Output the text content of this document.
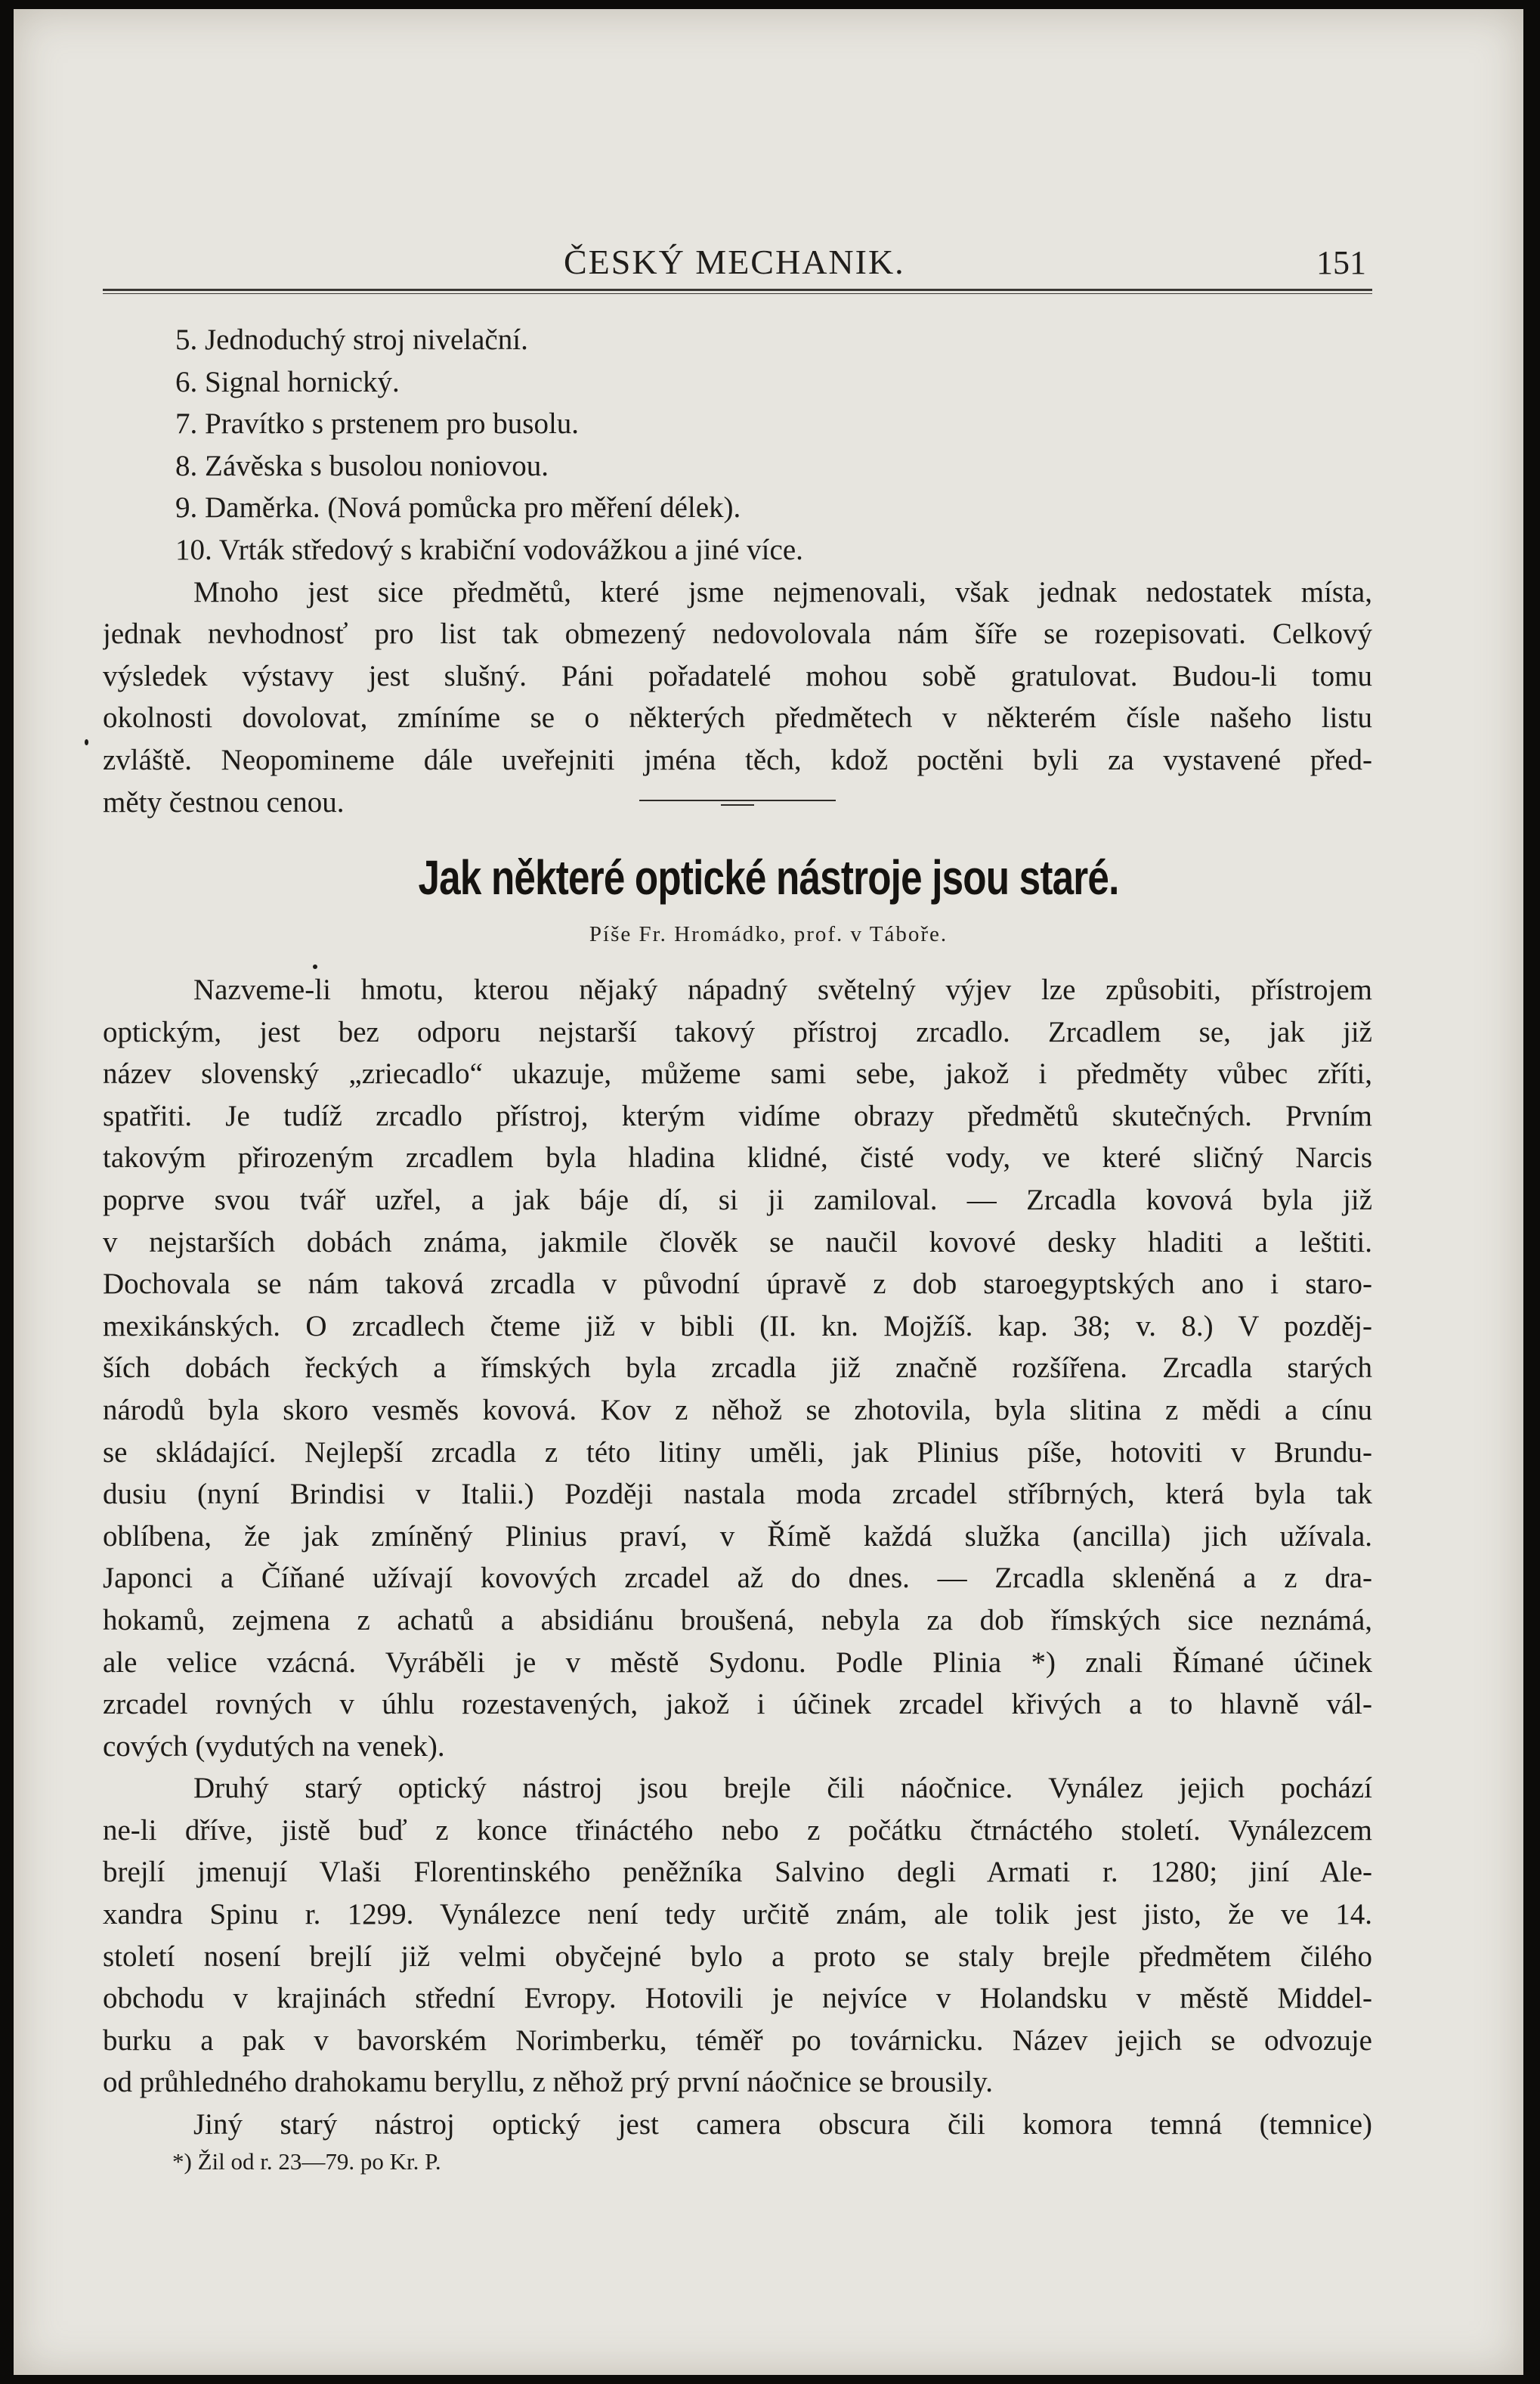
ČESKÝ MECHANIK.	151
5. Jednoduchý stroj nivelační.
6. Signal hornický.
7. Pravítko s prstenem pro busolu.
8. Závěska s busolou noniovou.
9. Daměrka. (Nová pomůcka pro měření délek).
10. Vrták středový s krabiční vodovážkou a jiné více.
Mnoho jest sice předmětů, které jsme nejmenovali, však jednak nedostatek místa,
jednak nevhodnosť pro list tak obmezený nedovolovala nám šíře se rozepisovati. Celkový
výsledek výstavy jest slušný. Páni pořadatelé mohou sobě gratulovat. Budou-li tomu
okolnosti dovolovat, zmíníme se o některých předmětech v některém čísle našeho listu
zvláště. Neopomineme dále uveřejniti jména těch, kdož poctěni byli za vystavené před-
měty čestnou cenou.
Jak některé optické nástroje jsou staré.
Píše Fr. Hromádko, prof. v Táboře.
Nazveme-li hmotu, kterou nějaký nápadný světelný výjev lze způsobiti, přístrojem
optickým, jest bez odporu nejstarší takový přístroj zrcadlo. Zrcadlem se, jak již
název slovenský „zriecadlo“ ukazuje, můžeme sami sebe, jakož i předměty vůbec zříti,
spatřiti. Je tudíž zrcadlo přístroj, kterým vidíme obrazy předmětů skutečných. Prvním
takovým přirozeným zrcadlem byla hladina klidné, čisté vody, ve které sličný Narcis
poprve svou tvář uzřel, a jak báje dí, si ji zamiloval. — Zrcadla kovová byla již
v nejstarších dobách známa, jakmile člověk se naučil kovové desky hladiti a leštiti.
Dochovala se nám taková zrcadla v původní úpravě z dob staroegyptských ano i staro-
mexikánských. O zrcadlech čteme již v bibli (II. kn. Mojžíš. kap. 38; v. 8.) V pozděj-
ších dobách řeckých a římských byla zrcadla již značně rozšířena. Zrcadla starých
národů byla skoro vesměs kovová. Kov z něhož se zhotovila, byla slitina z mědi a cínu
se skládající. Nejlepší zrcadla z této litiny uměli, jak Plinius píše, hotoviti v Brundu-
dusiu (nyní Brindisi v Italii.) Později nastala moda zrcadel stříbrných, která byla tak
oblíbena, že jak zmíněný Plinius praví, v Římě každá služka (ancilla) jich užívala.
Japonci a Číňané užívají kovových zrcadel až do dnes. — Zrcadla skleněná a z dra-
hokamů, zejmena z achatů a absidiánu broušená, nebyla za dob římských sice neznámá,
ale velice vzácná. Vyráběli je v městě Sydonu. Podle Plinia *) znali Římané účinek
zrcadel rovných v úhlu rozestavených, jakož i účinek zrcadel křivých a to hlavně vál-
cových (vydutých na venek).
Druhý starý optický nástroj jsou brejle čili náočnice. Vynález jejich pochází
ne-li dříve, jistě buď z konce třináctého nebo z počátku čtrnáctého století. Vynálezcem
brejlí jmenují Vlaši Florentinského peněžníka Salvino degli Armati r. 1280; jiní Ale-
xandra Spinu r. 1299. Vynálezce není tedy určitě znám, ale tolik jest jisto, že ve 14.
století nosení brejlí již velmi obyčejné bylo a proto se staly brejle předmětem čilého
obchodu v krajinách střední Evropy. Hotovili je nejvíce v Holandsku v městě Middel-
burku a pak v bavorském Norimberku, téměř po továrnicku. Název jejich se odvozuje
od průhledného drahokamu beryllu, z něhož prý první náočnice se brousily.
Jiný starý nástroj optický jest camera obscura čili komora temná (temnice)
*) Žil od r. 23—79. po Kr. P.
